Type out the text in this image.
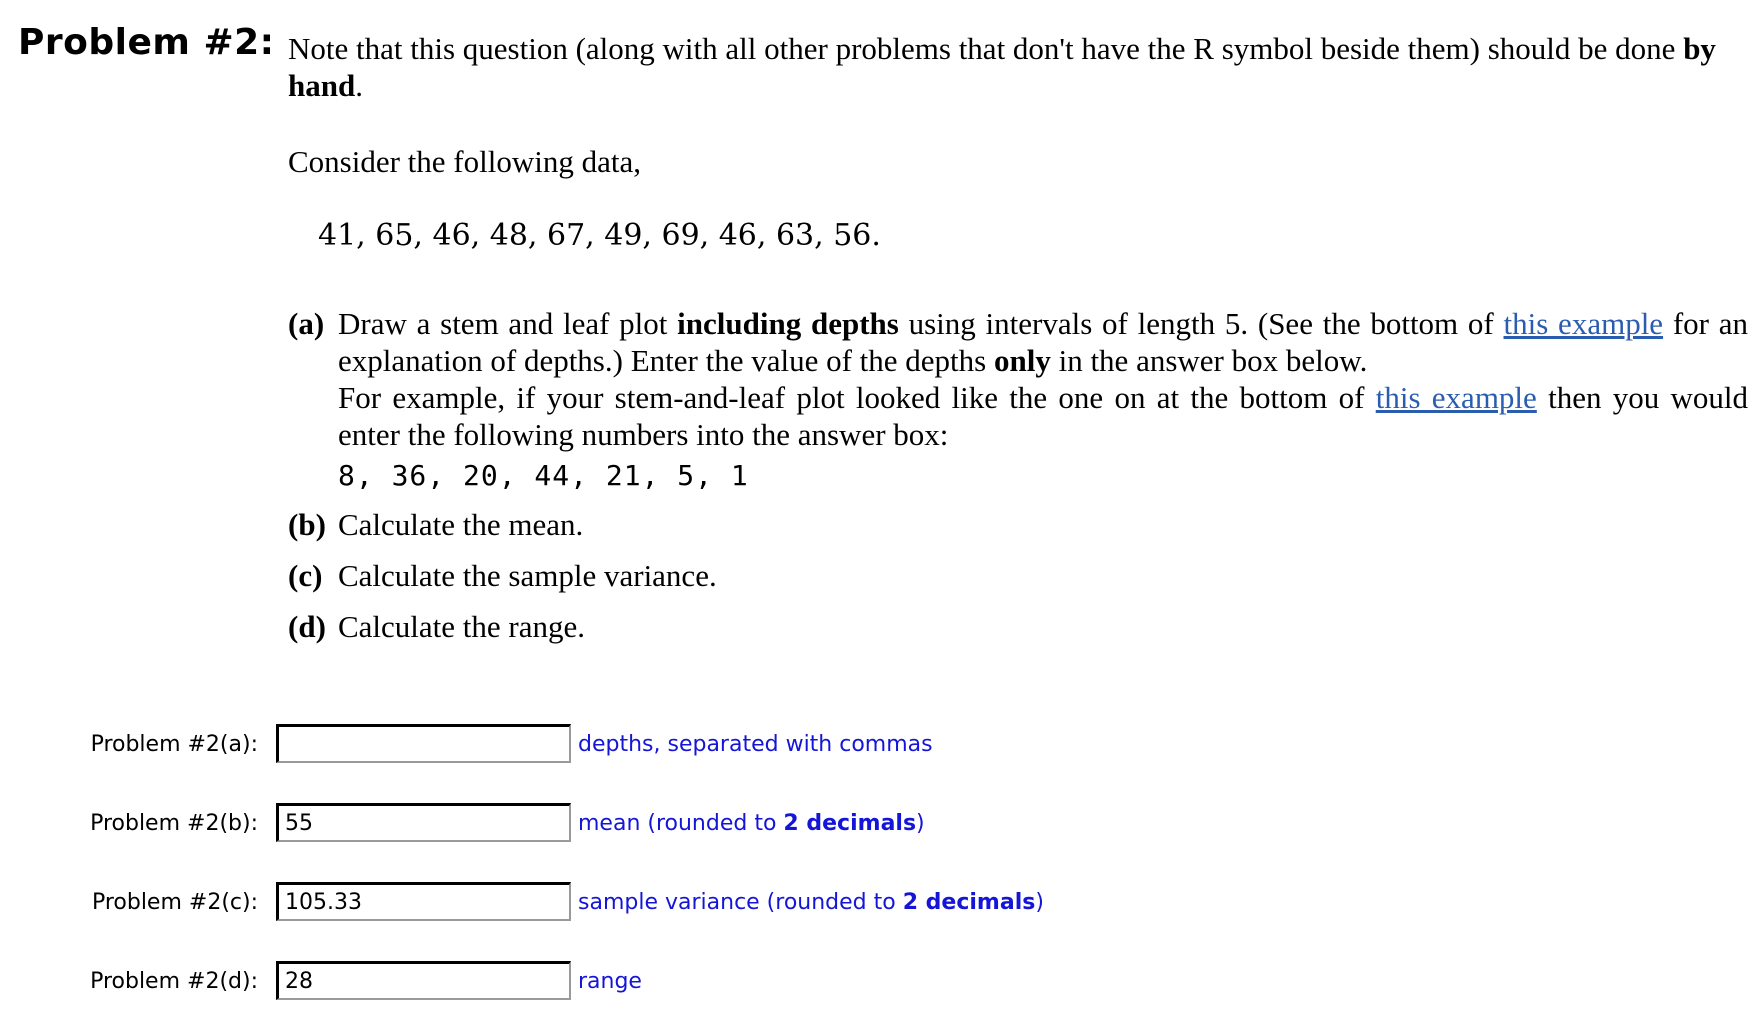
Problem #2: Note that this question (along with all other problems that don't have the R symbol beside them) should be done by hand.

Consider the following data,

41, 65, 46, 48, 67, 49, 69, 46, 63, 56.

(a) Draw a stem and leaf plot including depths using intervals of length 5. (See the bottom of this example for an explanation of depths.) Enter the value of the depths only in the answer box below.
For example, if your stem-and-leaf plot looked like the one on at the bottom of this example then you would enter the following numbers into the answer box:
8, 36, 20, 44, 21, 5, 1
(b) Calculate the mean.
(c) Calculate the sample variance.
(d) Calculate the range.
Problem #2(a):	depths, separated with commas
Problem #2(b):
55	mean (rounded to 2 decimals)
Problem #2(c):
105.33	sample variance (rounded to 2 decimals)
Problem #2(d):
28	range
